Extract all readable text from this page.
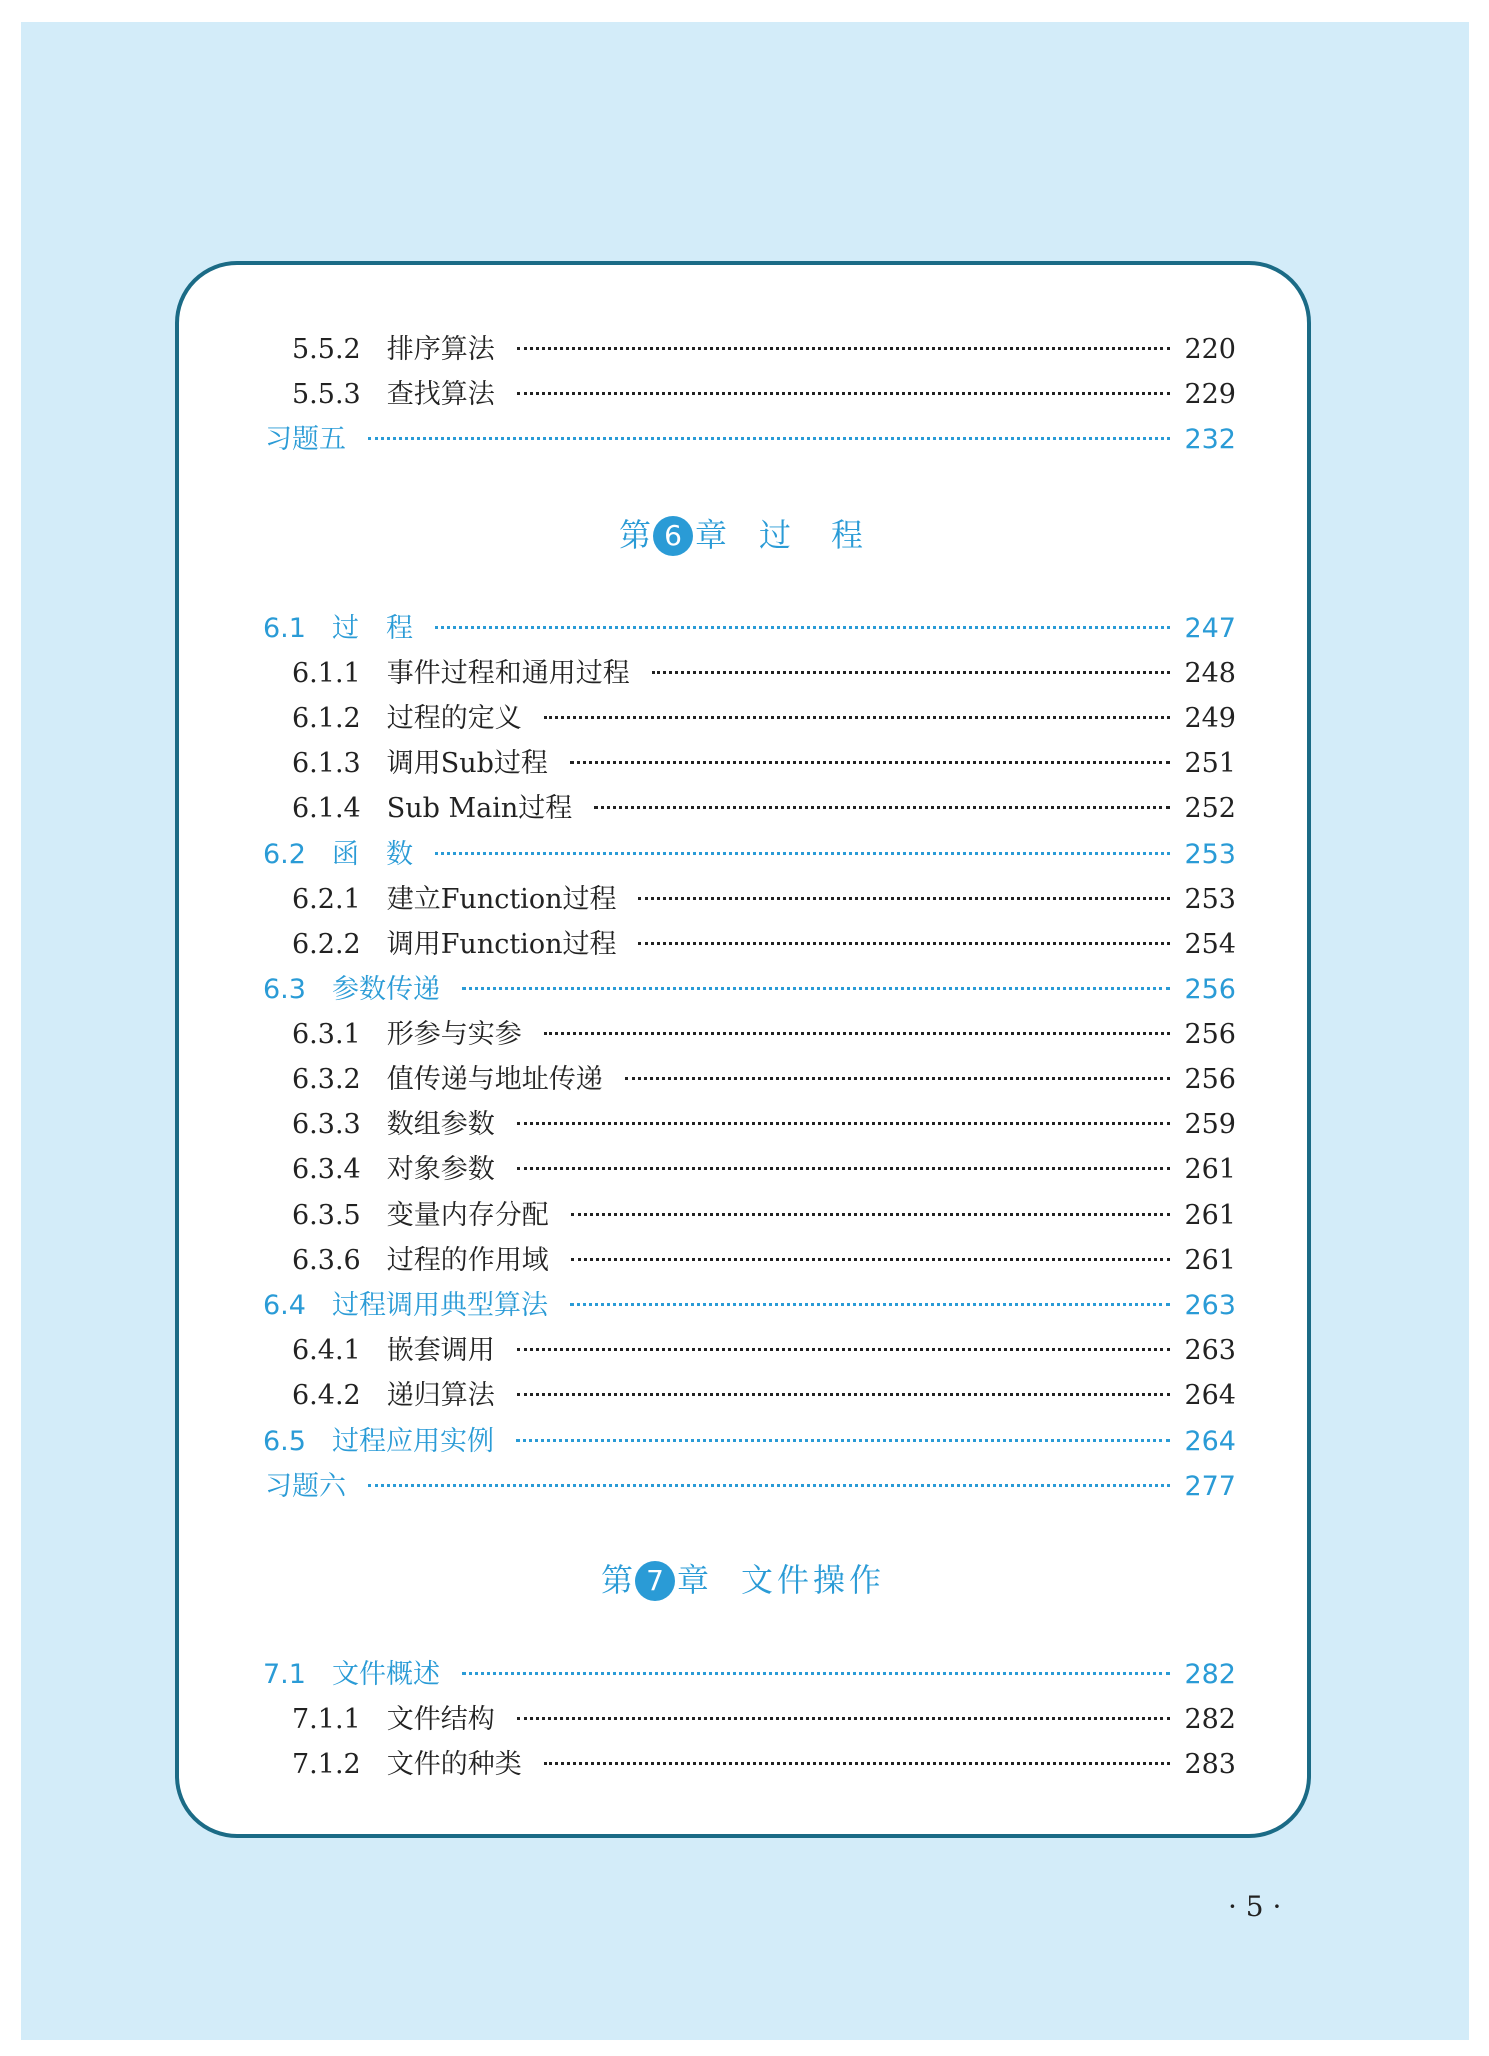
5.5.2 排序算法	220
5.5.3 查找算法	229
习题五	232
第 6 章 过　程
6.1 过　程	247
6.1.1 事件过程和通用过程	248
6.1.2 过程的定义	249
6.1.3 调用Sub过程	251
6.1.4 Sub Main过程	252
6.2 函　数	253
6.2.1 建立Function过程	253
6.2.2 调用Function过程	254
6.3 参数传递	256
6.3.1 形参与实参	256
6.3.2 值传递与地址传递	256
6.3.3 数组参数	259
6.3.4 对象参数	261
6.3.5 变量内存分配	261
6.3.6 过程的作用域	261
6.4 过程调用典型算法	263
6.4.1 嵌套调用	263
6.4.2 递归算法	264
6.5 过程应用实例	264
习题六	277
第 7 章 文件操作
7.1 文件概述	282
7.1.1 文件结构	282
7.1.2 文件的种类	283
· 5 ·
